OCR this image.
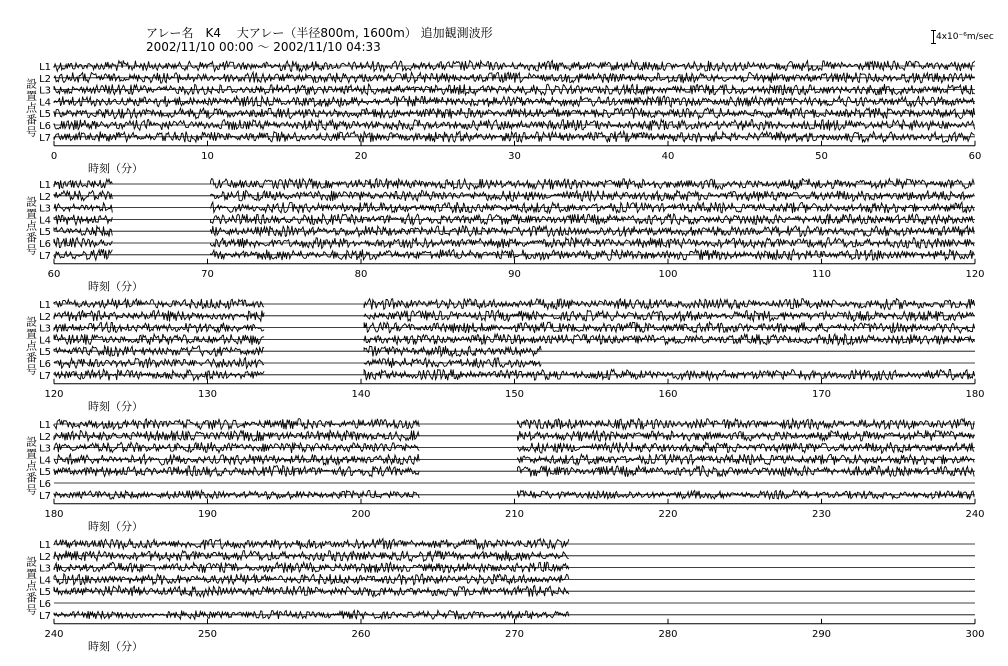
アレー名　K4　 大アレー（半径800m, 1600m） 追加観測波形
2002/11/10 00:00 〜 2002/11/10 04:33
4x10⁻⁶m/sec
設
置
点
番
号
L1
L2
L3
L4
L5
L6
L7
0	10	20	30	40	50	60
時刻（分）
設
置
点
番
号
L1
L2
L3
L4
L5
L6
L7
60	70	80	90	100	110	120
時刻（分）
設
置
点
番
号
L1
L2
L3
L4
L5
L6
L7
120	130	140	150	160	170	180
時刻（分）
設
置
点
番
号
L1
L2
L3
L4
L5
L6
L7
180	190	200	210	220	230	240
時刻（分）
設
置
点
番
号
L1
L2
L3
L4
L5
L6
L7
240	250	260	270	280	290	300
時刻（分）
